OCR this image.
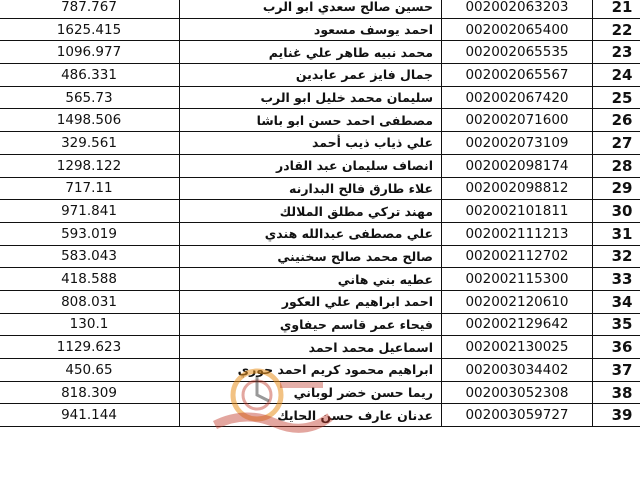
787.767	حسين صالح سعدي ابو الرب	002002063203	21
1625.415	احمد يوسف مسعود	002002065400	22
1096.977	محمد نبيه طاهر علي غنايم	002002065535	23
486.331	جمال فايز عمر عابدين	002002065567	24
565.73	سليمان محمد خليل ابو الرب	002002067420	25
1498.506	مصطفى احمد حسن ابو باشا	002002071600	26
329.561	علي ذياب ذيب أحمد	002002073109	27
1298.122	انصاف سليمان عبد القادر	002002098174	28
717.11	علاء طارق فالح البدارنه	002002098812	29
971.841	مهند تركي مطلق الملالك	002002101811	30
593.019	علي مصطفى عبدالله هندي	002002111213	31
583.043	صالح محمد صالح سخنيني	002002112702	32
418.588	عطيه بني هاني	002002115300	33
808.031	احمد ابراهيم علي العكور	002002120610	34
130.1	فيحاء عمر قاسم حيفاوي	002002129642	35
1129.623	اسماعيل محمد احمد	002002130025	36
450.65	ابراهيم محمود كريم احمد حوري	002003034402	37
818.309	ريما حسن خضر لوباني	002003052308	38
941.144	عدنان عارف حسن الحايك	002003059727	39
